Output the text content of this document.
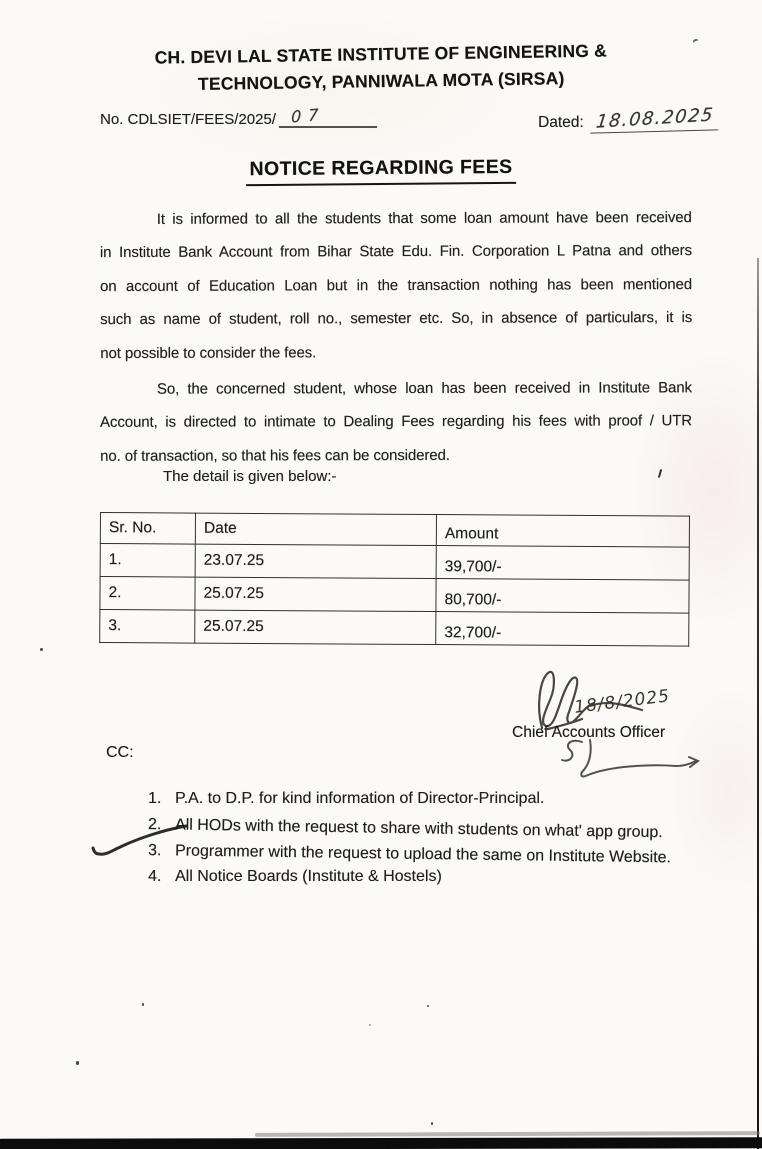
CH. DEVI LAL STATE INSTITUTE OF ENGINEERING &
TECHNOLOGY, PANNIWALA MOTA (SIRSA)
No. CDLSIET/FEES/2025/ 07	Dated: 18.08.2025
NOTICE REGARDING FEES
It is informed to all the students that some loan amount have been received
in Institute Bank Account from Bihar State Edu. Fin. Corporation L Patna and others
on account of Education Loan but in the transaction nothing has been mentioned
such as name of student, roll no., semester etc. So, in absence of particulars, it is
not possible to consider the fees.
So, the concerned student, whose loan has been received in Institute Bank
Account, is directed to intimate to Dealing Fees regarding his fees with proof / UTR
no. of transaction, so that his fees can be considered.
The detail is given below:-
Sr. No.	Date	Amount
1.	23.07.25	39,700/-
2.	25.07.25	80,700/-
3.	25.07.25	32,700/-
18/8/2025
Chief Accounts Officer
CC:
1. P.A. to D.P. for kind information of Director-Principal.
2. All HODs with the request to share with students on what' app group.
3. Programmer with the request to upload the same on Institute Website.
4. All Notice Boards (Institute & Hostels)
